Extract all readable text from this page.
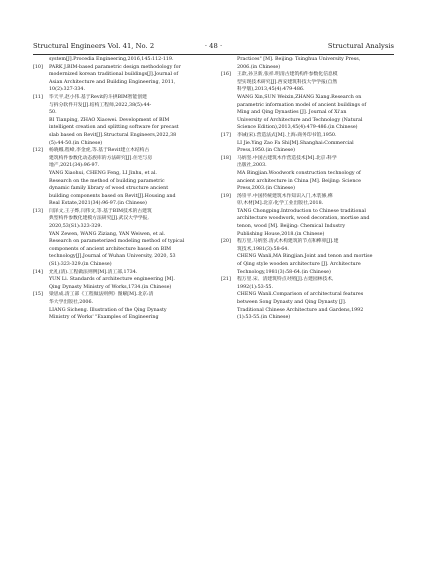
Structural Engineers Vol. 41, No. 2	· 48 ·	Structural Analysis
system[J].Procedia Engineering,2016,145:112-119.
[10] PARK J.BIM-based parametric design methodology for
modernized korean traditional buildings[J].Journal of
Asian Architecture and Building Engineering, 2011,
10(2):327-334.
[11] 毕天平,赵小伟.基于Revit的斗拱BIM智能创建
与拆分软件开发[J].结构工程师,2022,38(5):44-
50.
BI Tianping, ZHAO Xiaowei. Development of BIM
intelligent creation and splitting software for precast
slab based on Revit[J].Structural Engineers,2022,38
(5):44-50.(in Chinese)
[12] 杨晓娜,程峰,李金虎,等.基于Revit建立木结构古
建筑构件参数化动态族库的方法研究[J].住宅与房
地产,2021(34):96-97.
YANG Xiaohui, CHENG Feng, LI Jinhu, et al.
Research on the method of building parametric
dynamic family library of wood structure ancient
building components based on Revit[J].Housing and
Real Estate,2021(34):96-97.(in Chinese)
[13] 闫泽文,王子烨,闫伟文,等.基于BIM技术的古建筑
典型构件参数化建模方法研究[J].武汉大学学报,
2020,53(S1):323-329.
YAN Zewen, WANG Ziziang, YAN Weiwen, et al.
Research on parameterized modeling method of typical
components of ancient architecture based on BIM
technology[J].Journal of Wuhan University, 2020, 53
(S1):323-329.(in Chinese)
[14] 允礼(清).工程做法则例[M].清工部,1734.
YUN Li. Standards of architecture engineering [M].
Qing Dynasty Ministry of Works,1734.(in Chinese)
[15] 梁思成.清工部《工程做法则例》图解[M].北京:清
华大学出版社,2006.
LIANG Sicheng. Illustration of the Qing Dynasty
Ministry of Works' "Examples of Engineering
Practices" [M]. Beijing: Tsinghua University Press,
2006.(in Chinese)
[16] 王歆,孙卫新,张祥.明清古建筑构件参数化信息模
型实现技术研究[J].西安建筑科技大学学报(自然
科学版),2013,45(4):479-486.
WANG Xin,SUN Weixin,ZHANG Xiang.Research on
parametric information model of ancient buildings of
Ming and Qing Dynasties [J]. Journal of Xi'an
University of Architecture and Technology (Natural
Science Edition),2013,45(4):479-486.(in Chinese)
[17] 李诫(宋).营造法式[M].上海:商务印书馆,1950.
LI Jie.Ying Zao Fa Shi[M].Shanghai:Commercial
Press,1950.(in Chinese)
[18] 马炳坚.中国古建筑木作营造技术[M].北京:科学
出版社,2003.
MA Bingjian.Woodwork construction technology of
ancient architecture in China [M]. Beijing: Science
Press,2003.(in Chinese)
[19] 汤崇平.中国传统建筑木作知识入门,木装修,榫
卯,木材[M].北京:化学工业出版社,2018.
TANG Chongping.Introduction to Chinese traditional
architecture woodwork, wood decoration, mortise and
tenon, wood [M]. Beijing: Chemical Industry
Publishing House,2018.(in Chinese)
[20] 程万里,马炳坚.清式木构建筑的节点和榫卯[J].建
筑技术,1981(3):58-64.
CHENG Wanli,MA Bingjian.Joint and tenon and mortise
of Qing style wooden architecture [J]. Architecture
Technology,1981(3):58-64.(in Chinese)
[21] 程万里.宋、清建筑特点对照[J].古建园林技术,
1992(1):53-55.
CHENG Wanli.Comparison of architectural features
between Song Dynasty and Qing Dynasty [J].
Traditional Chinese Architecture and Gardens,1992
(1):53-55.(in Chinese)
